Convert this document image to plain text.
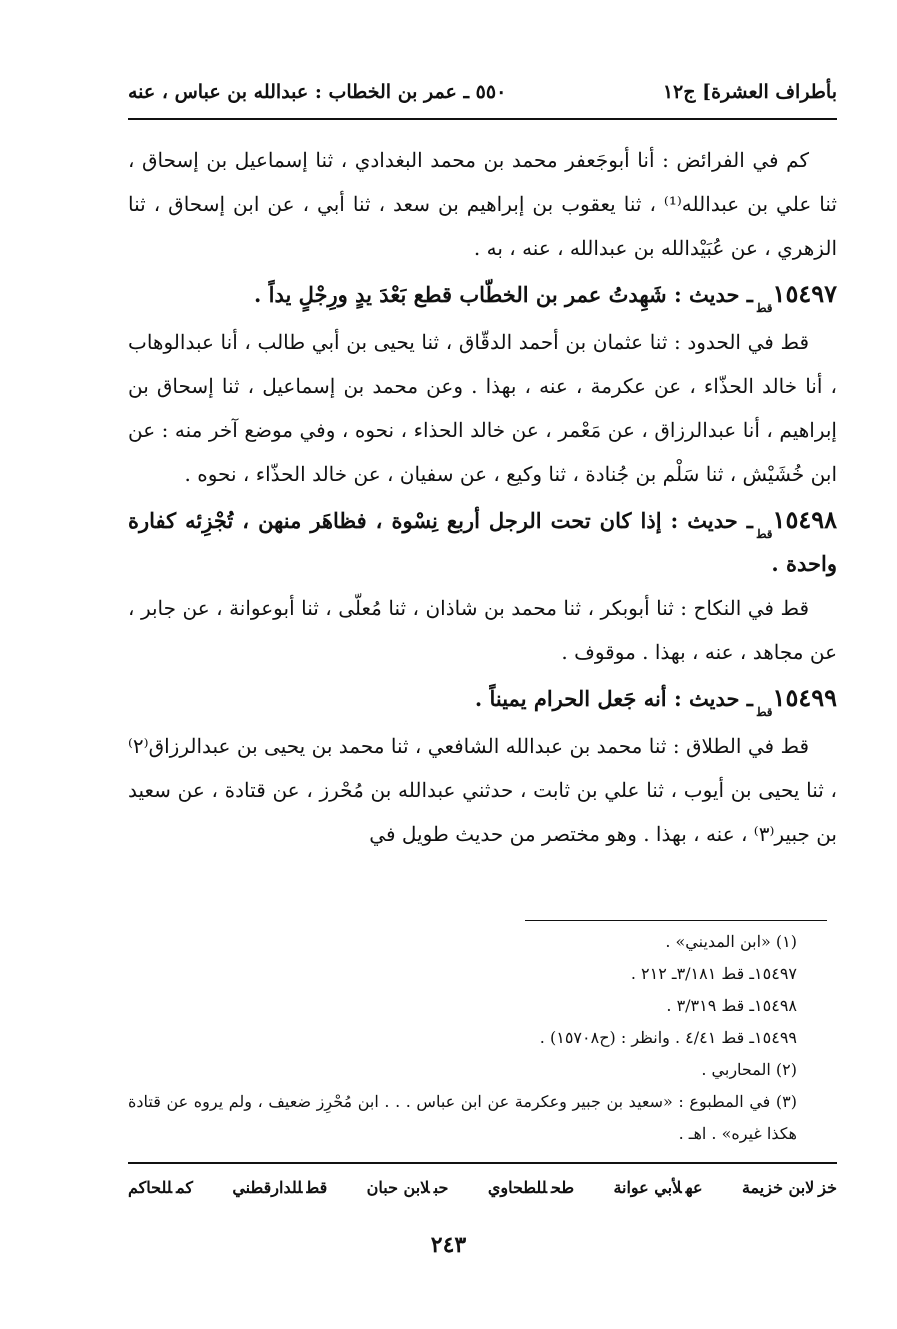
بأطراف العشرة] ج١٢
٥٥٠ ـ عمر بن الخطاب : عبدالله بن عباس ، عنه

كم في الفرائض : أنا أبوجَعفر محمد بن محمد البغدادي ، ثنا إسماعيل بن إسحاق ، ثنا علي بن عبدالله⁽¹⁾ ، ثنا يعقوب بن إبراهيم بن سعد ، ثنا أبي ، عن ابن إسحاق ، ثنا الزهري ، عن عُبَيْدالله بن عبدالله ، عنه ، به .

$١٥٤٩٧_{قط}ـ$ حديث : شَهِدتُ عمر بن الخطّاب قطع بَعْدَ يدٍ ورِجْلٍ يداً .

قط في الحدود : ثنا عثمان بن أحمد الدقّاق ، ثنا يحيى بن أبي طالب ، أنا عبدالوهاب ، أنا خالد الحذّاء ، عن عكرمة ، عنه ، بهذا . وعن محمد بن إسماعيل ، ثنا إسحاق بن إبراهيم ، أنا عبدالرزاق ، عن مَعْمر ، عن خالد الحذاء ، نحوه ، وفي موضع آخر منه : عن ابن خُشَيْش ، ثنا سَلْم بن جُنادة ، ثنا وكيع ، عن سفيان ، عن خالد الحذّاء ، نحوه .

$١٥٤٩٨_{قط}ـ$ حديث : إذا كان تحت الرجل أربع نِسْوة ، فظاهَر منهن ، تُجْزِئه كفارة واحدة .

قط في النكاح : ثنا أبوبكر ، ثنا محمد بن شاذان ، ثنا مُعلّى ، ثنا أبوعوانة ، عن جابر ، عن مجاهد ، عنه ، بهذا . موقوف .

$١٥٤٩٩_{قط}ـ$ حديث : أنه جَعل الحرام يميناً .

قط في الطلاق : ثنا محمد بن عبدالله الشافعي ، ثنا محمد بن يحيى بن عبدالرزاق⁽٢⁾ ، ثنا يحيى بن أيوب ، ثنا علي بن ثابت ، حدثني عبدالله بن مُحْرز ، عن قتادة ، عن سعيد بن جبير⁽٣⁾ ، عنه ، بهذا . وهو مختصر من حديث طويل في

(١) «ابن المديني» .
١٥٤٩٧ـ قط ٣/١٨١ـ ٢١٢ .
١٥٤٩٨ـ قط ٣/٣١٩ .
١٥٤٩٩ـ قط ٤/٤١ . وانظر : (ح١٥٧٠٨) .
(٢) المحاربي .
(٣) في المطبوع : «سعيد بن جبير وعكرمة عن ابن عباس . . . ابن مُحْرِز ضعيف ، ولم يروه عن قتادة هكذا غيره» . اهـ .
خزلابن خزيمة
عهلأبي عوانة
طحللطحاوي
حبلابن حبان
قطللدارقطني
كمللحاكم
٢٤٣
